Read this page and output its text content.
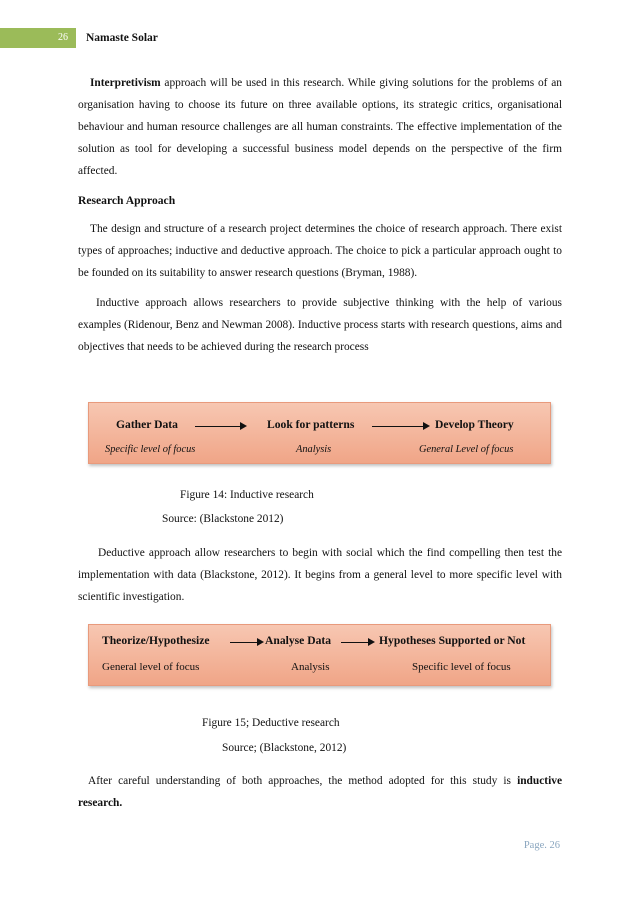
26	Namaste Solar

Interpretivism approach will be used in this research. While giving solutions for the problems of an organisation having to choose its future on three available options, its strategic critics, organisational behaviour and human resource challenges are all human constraints. The effective implementation of the solution as tool for developing a successful business model depends on the perspective of the firm affected.

Research Approach

The design and structure of a research project determines the choice of research approach. There exist types of approaches; inductive and deductive approach. The choice to pick a particular approach ought to be founded on its suitability to answer research questions (Bryman, 1988).

Inductive approach allows researchers to provide subjective thinking with the help of various examples (Ridenour, Benz and Newman 2008). Inductive process starts with research questions, aims and objectives that needs to be achieved during the research process

Gather Data	Look for patterns	Develop Theory
Specific level of focus	Analysis	General Level of focus
Figure 14: Inductive research
Source: (Blackstone 2012)

Deductive approach allow researchers to begin with social which the find compelling then test the implementation with data (Blackstone, 2012). It begins from a general level to more specific level with scientific investigation.

Theorize/Hypothesize	Analyse Data	Hypotheses Supported or Not
General level of focus	Analysis	Specific level of focus
Figure 15; Deductive research
Source; (Blackstone, 2012)

After careful understanding of both approaches, the method adopted for this study is inductive research.

Page. 26
